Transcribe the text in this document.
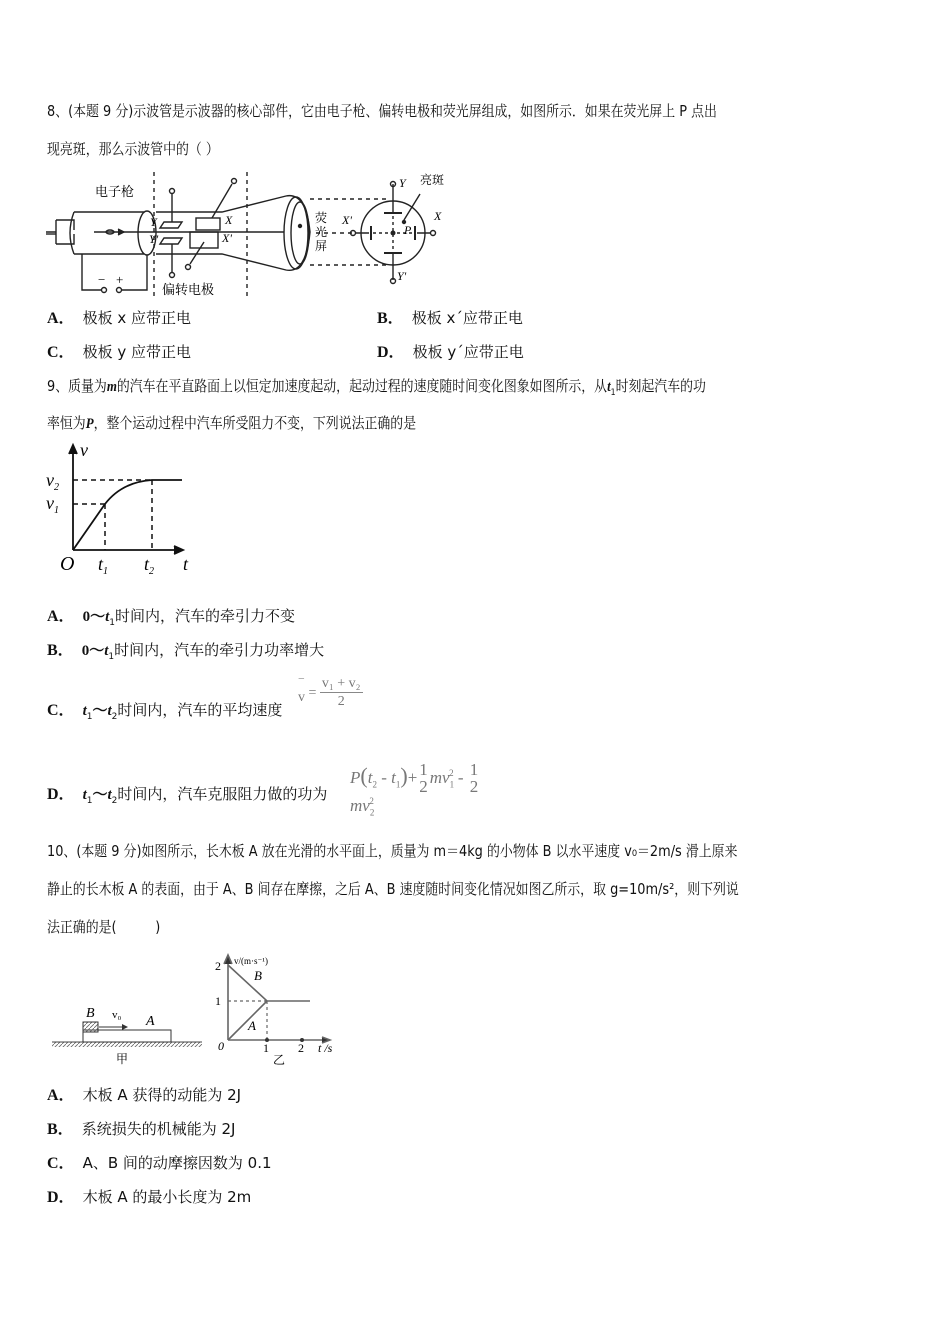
8、(本题 9 分)示波管是示波器的核心部件，它由电子枪、偏转电极和荧光屏组成，如图所示．如果在荧光屏上 P 点出
现亮斑，那么示波管中的（ ）
电子枪
偏转电极
荧
光
屏
亮斑
Y
Y'
X
X'
Y
Y'
X'	X
P
− +
A． 极板 x 应带正电	B． 极板 x´应带正电
C． 极板 y 应带正电	D． 极板 y´应带正电
9、质量为m的汽车在平直路面上以恒定加速度起动，起动过程的速度随时间变化图象如图所示，从$t_1$时刻起汽车的功
率恒为P，整个运动过程中汽车所受阻力不变，下列说法正确的是
v
t
O
$v_2$
$v_1$
$t_1$ $t_2$
A． $0\sim t_1$时间内，汽车的牵引力不变
B． $0\sim t_1$时间内，汽车的牵引力功率增大
C． $t_1\sim t_2$时间内，汽车的平均速度
‾
$v = \frac{\text{v₁ + v₂}}{2}$
D． $t_1\sim t_2$时间内，汽车克服阻力做的功为
$P(t_2 - t_1)+ 1$
2 $mv_1^2 - 1$
2
$mv_2^2$
10、(本题 9 分)如图所示，长木板 A 放在光滑的水平面上，质量为 m＝4kg 的小物体 B 以水平速度 v₀＝2m/s 滑上原来
静止的长木板 A 的表面，由于 A、B 间存在摩擦，之后 A、B 速度随时间变化情况如图乙所示，取 g=10m/s²，则下列说
法正确的是(　　　)
B v₀ A
甲
v/(m·s⁻¹)
2
1
0	1 2 t /s
B
A
乙
A． 木板 A 获得的动能为 2J
B． 系统损失的机械能为 2J
C． A、B 间的动摩擦因数为 0.1
D． 木板 A 的最小长度为 2m
